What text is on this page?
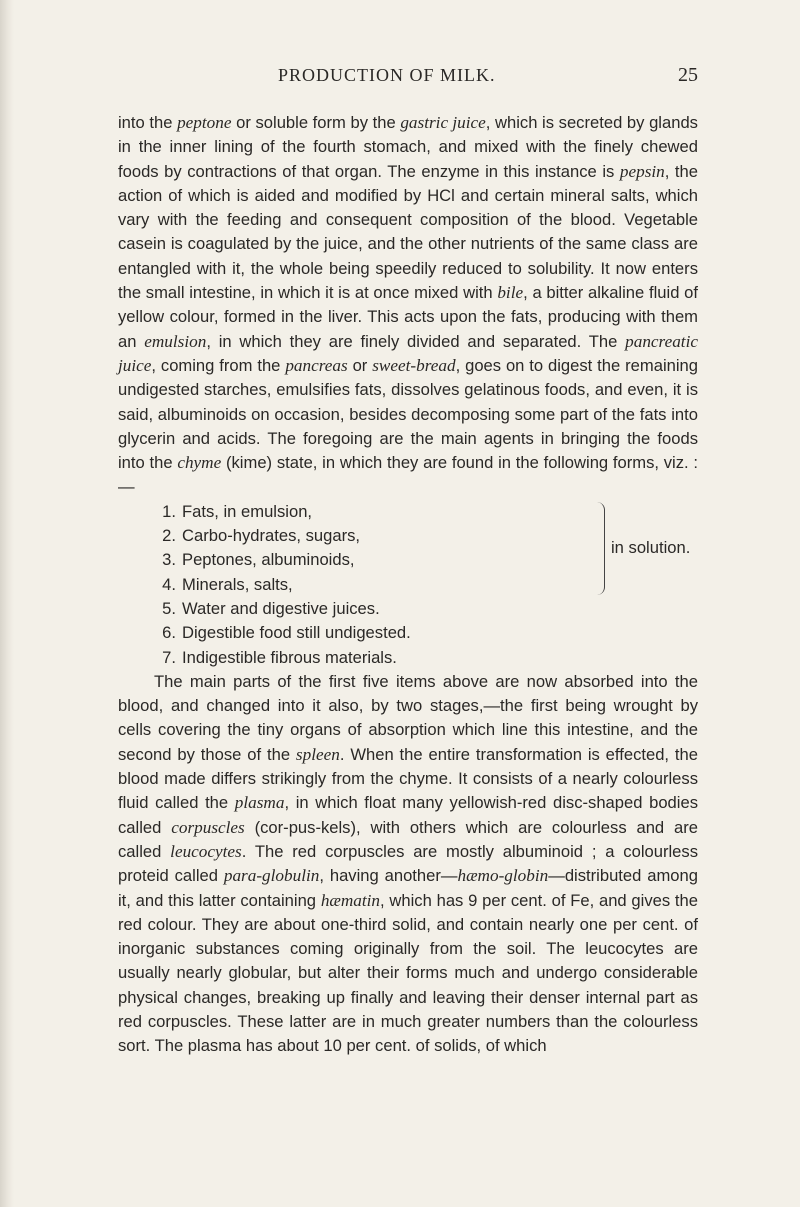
PRODUCTION OF MILK.	25

into the peptone or soluble form by the gastric juice, which is secreted by glands in the inner lining of the fourth stomach, and mixed with the finely chewed foods by contractions of that organ. The enzyme in this instance is pepsin, the action of which is aided and modified by HCl and certain mineral salts, which vary with the feeding and consequent composition of the blood. Vegetable casein is coagulated by the juice, and the other nutrients of the same class are entangled with it, the whole being speedily reduced to solubility. It now enters the small intestine, in which it is at once mixed with bile, a bitter alkaline fluid of yellow colour, formed in the liver. This acts upon the fats, producing with them an emulsion, in which they are finely divided and separated. The pancreatic juice, coming from the pancreas or sweet-bread, goes on to digest the remaining undigested starches, emulsifies fats, dissolves gelatinous foods, and even, it is said, albuminoids on occasion, besides decomposing some part of the fats into glycerin and acids. The foregoing are the main agents in bringing the foods into the chyme (kime) state, in which they are found in the following forms, viz. :—

1. Fats, in emulsion,
2. Carbo-hydrates, sugars,
3. Peptones, albuminoids,
4. Minerals, salts,
in solution.
5. Water and digestive juices.
6. Digestible food still undigested.
7. Indigestible fibrous materials.

The main parts of the first five items above are now absorbed into the blood, and changed into it also, by two stages,—the first being wrought by cells covering the tiny organs of absorption which line this intestine, and the second by those of the spleen. When the entire transformation is effected, the blood made differs strikingly from the chyme. It consists of a nearly colourless fluid called the plasma, in which float many yellowish-red disc-shaped bodies called corpuscles (cor-pus-kels), with others which are colourless and are called leucocytes. The red corpuscles are mostly albuminoid ; a colourless proteid called para-globulin, having another—hæmo-globin—distributed among it, and this latter containing hæmatin, which has 9 per cent. of Fe, and gives the red colour. They are about one-third solid, and contain nearly one per cent. of inorganic substances coming originally from the soil. The leucocytes are usually nearly globular, but alter their forms much and undergo considerable physical changes, breaking up finally and leaving their denser internal part as red corpuscles. These latter are in much greater numbers than the colourless sort. The plasma has about 10 per cent. of solids, of which
